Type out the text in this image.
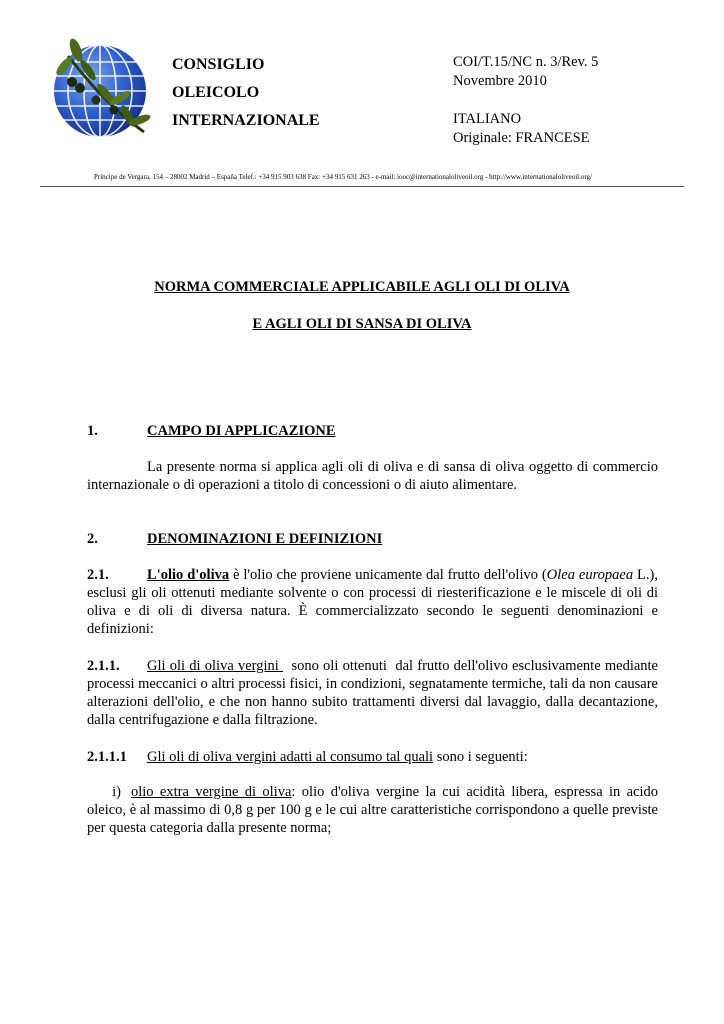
CONSIGLIO
OLEICOLO
INTERNAZIONALE
COI/T.15/NC n. 3/Rev. 5
Novembre 2010
ITALIANO
Originale: FRANCESE
Príncipe de Vergara, 154 – 28002 Madrid – España Telef.: +34 915 903 638 Fax: +34 915 631 263 - e-mail: iooc@internationaloliveoil.org - http://www.internationaloliveoil.org/
NORMA COMMERCIALE APPLICABILE AGLI OLI DI OLIVA
E AGLI OLI DI SANSA DI OLIVA
1.	CAMPO DI APPLICAZIONE
La presente norma si applica agli oli di oliva e di sansa di oliva oggetto di commercio internazionale o di operazioni a titolo di concessioni o di aiuto alimentare.
2.	DENOMINAZIONI E DEFINIZIONI
2.1.	L'olio d'oliva è l'olio che proviene unicamente dal frutto dell'olivo (Olea europaea L.), esclusi gli oli ottenuti mediante solvente o con processi di riesterificazione e le miscele di oli di oliva e di oli di diversa natura. È commercializzato secondo le seguenti denominazioni e definizioni:
2.1.1. Gli oli di oliva vergini   sono oli ottenuti  dal frutto dell'olivo esclusivamente mediante processi meccanici o altri processi fisici, in condizioni, segnatamente termiche, tali da non causare alterazioni dell'olio, e che non hanno subito trattamenti diversi dal lavaggio, dalla decantazione, dalla centrifugazione e dalla filtrazione.
2.1.1.1 Gli oli di oliva vergini adatti al consumo tal quali sono i seguenti:
i) olio extra vergine di oliva: olio d'oliva vergine la cui acidità libera, espressa in acido oleico, è al massimo di 0,8 g per 100 g e le cui altre caratteristiche corrispondono a quelle previste per questa categoria dalla presente norma;
